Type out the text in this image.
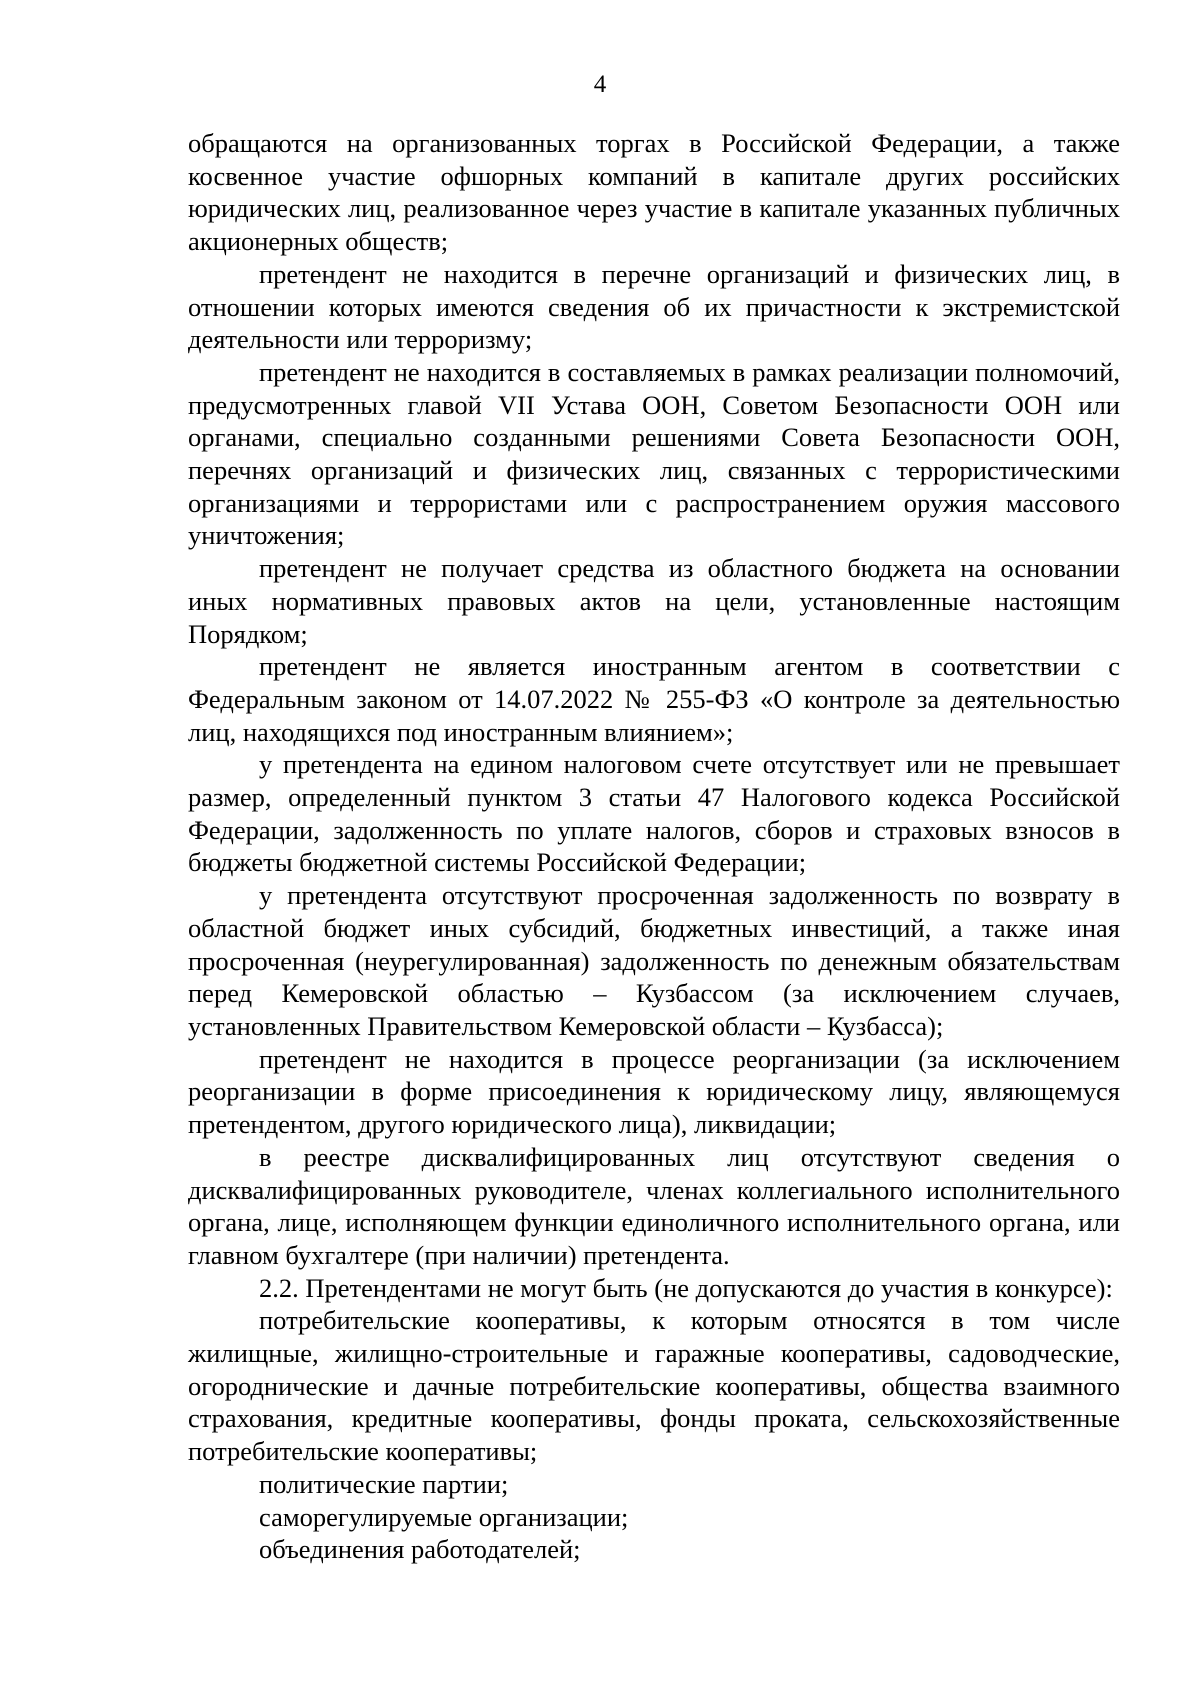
4

обращаются на организованных торгах в Российской Федерации, а также косвенное участие офшорных компаний в капитале других российских юридических лиц, реализованное через участие в капитале указанных публичных акционерных обществ;

претендент не находится в перечне организаций и физических лиц, в отношении которых имеются сведения об их причастности к экстремистской деятельности или терроризму;

претендент не находится в составляемых в рамках реализации полномочий, предусмотренных главой VII Устава ООН, Советом Безопасности ООН или органами, специально созданными решениями Совета Безопасности ООН, перечнях организаций и физических лиц, связанных с террористическими организациями и террористами или с распространением оружия массового уничтожения;

претендент не получает средства из областного бюджета на основании иных нормативных правовых актов на цели, установленные настоящим Порядком;

претендент не является иностранным агентом в соответствии с Федеральным законом от 14.07.2022 № 255-ФЗ «О контроле за деятельностью лиц, находящихся под иностранным влиянием»;

у претендента на едином налоговом счете отсутствует или не превышает размер, определенный пунктом 3 статьи 47 Налогового кодекса Российской Федерации, задолженность по уплате налогов, сборов и страховых взносов в бюджеты бюджетной системы Российской Федерации;

у претендента отсутствуют просроченная задолженность по возврату в областной бюджет иных субсидий, бюджетных инвестиций, а также иная просроченная (неурегулированная) задолженность по денежным обязательствам перед Кемеровской областью – Кузбассом (за исключением случаев, установленных Правительством Кемеровской области – Кузбасса);

претендент не находится в процессе реорганизации (за исключением реорганизации в форме присоединения к юридическому лицу, являющемуся претендентом, другого юридического лица), ликвидации;

в реестре дисквалифицированных лиц отсутствуют сведения о дисквалифицированных руководителе, членах коллегиального исполнительного органа, лице, исполняющем функции единоличного исполнительного органа, или главном бухгалтере (при наличии) претендента.

2.2. Претендентами не могут быть (не допускаются до участия в конкурсе):

потребительские кооперативы, к которым относятся в том числе жилищные, жилищно-строительные и гаражные кооперативы, садоводческие, огороднические и дачные потребительские кооперативы, общества взаимного страхования, кредитные кооперативы, фонды проката, сельскохозяйственные потребительские кооперативы;

политические партии;

саморегулируемые организации;

объединения работодателей;
